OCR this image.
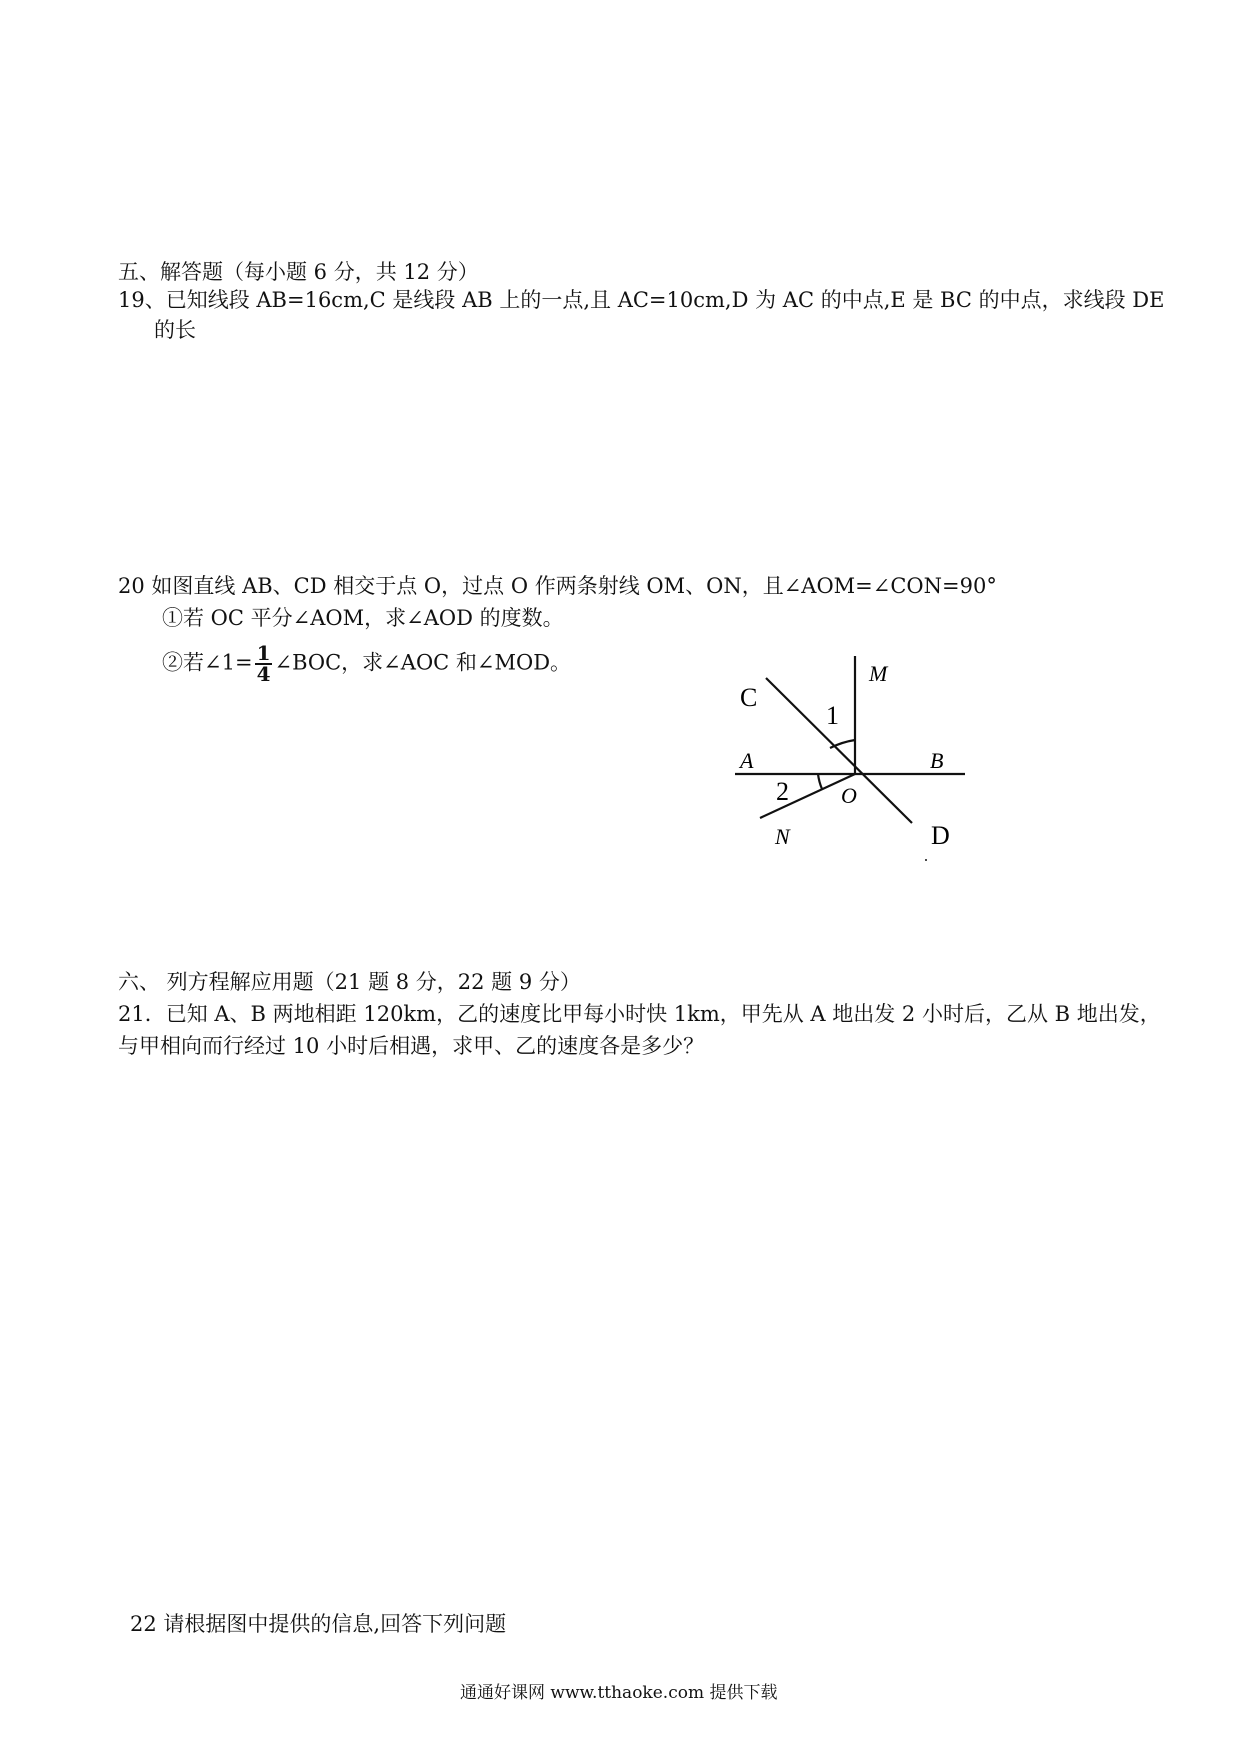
五、解答题（每小题 6 分，共 12 分）
19、已知线段 AB=16cm,C 是线段 AB 上的一点,且 AC=10cm,D 为 AC 的中点,E 是 BC 的中点，求线段 DE
的长
20 如图直线 AB、CD 相交于点 O，过点 O 作两条射线 OM、ON，且∠AOM=∠CON=90°
①若 OC 平分∠AOM，求∠AOD 的度数。
②若∠1= $\frac{1}{4}$ ∠BOC，求∠AOC 和∠MOD。
C
M
1
A	B
2 O
N	D
六、 列方程解应用题（21 题 8 分，22 题 9 分）
21．已知 A、B 两地相距 120km，乙的速度比甲每小时快 1km，甲先从 A 地出发 2 小时后，乙从 B 地出发，
与甲相向而行经过 10 小时后相遇，求甲、乙的速度各是多少？
22 请根据图中提供的信息,回答下列问题
通通好课网 www.tthaoke.com 提供下载
